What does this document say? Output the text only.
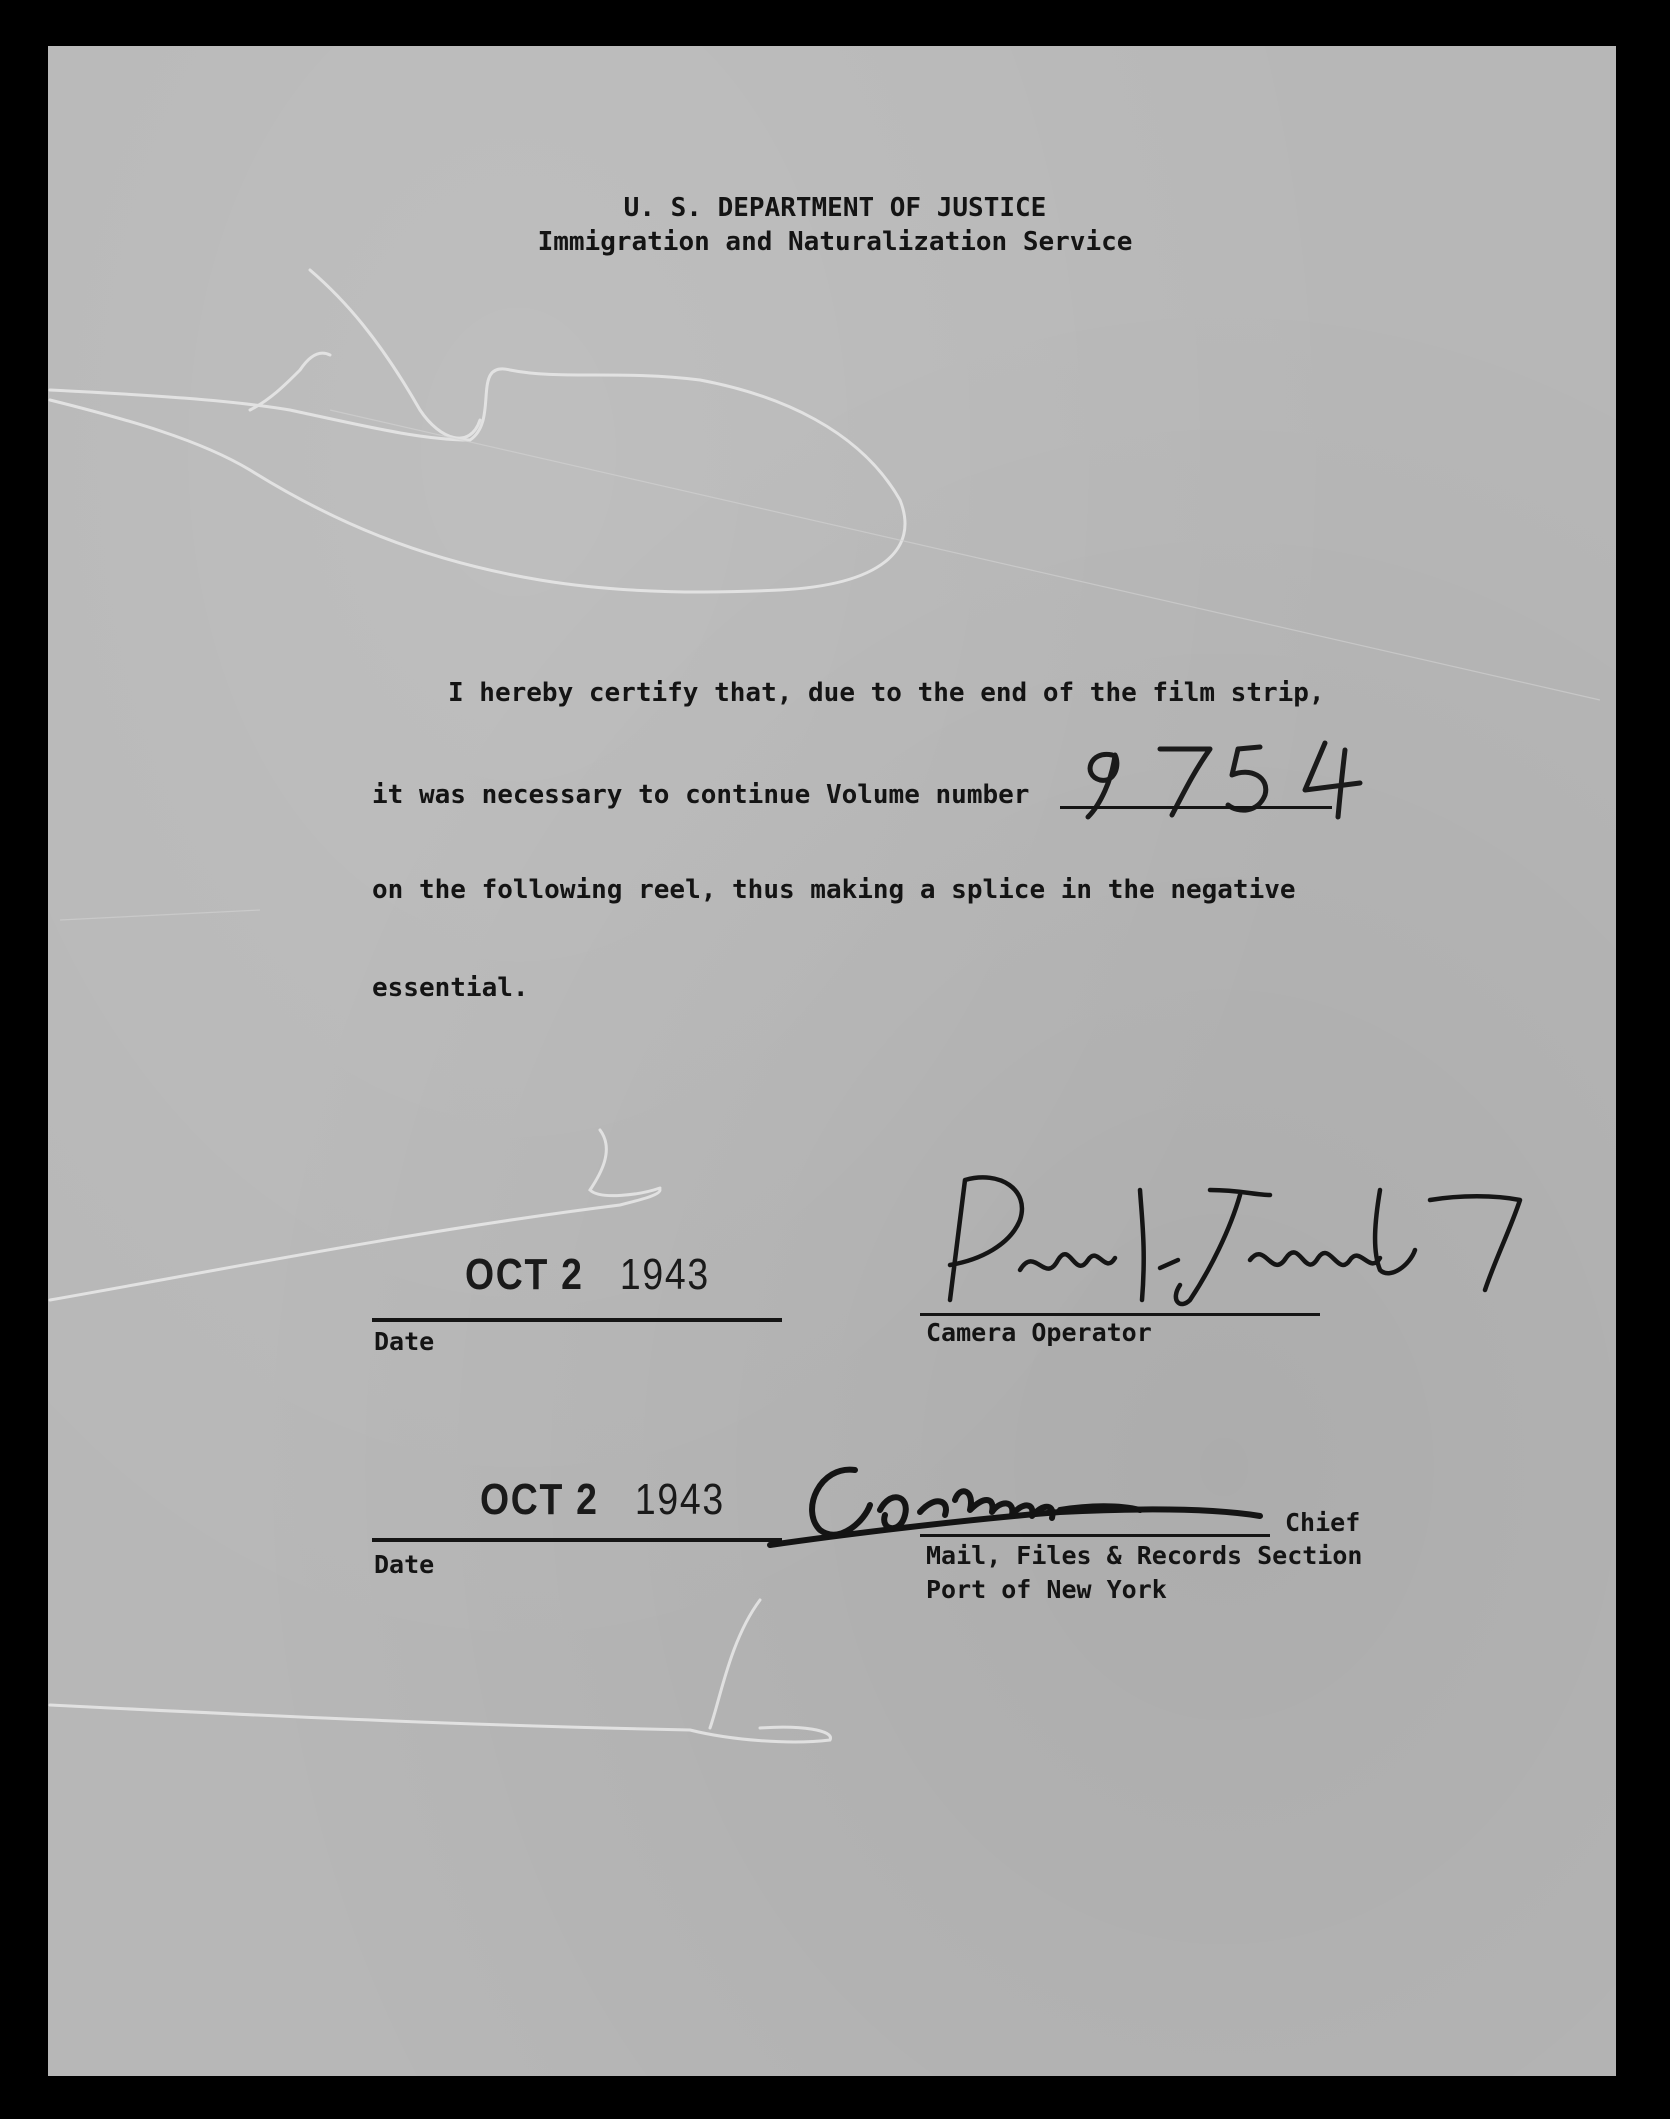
U. S. DEPARTMENT OF JUSTICE
Immigration and Naturalization Service
I hereby certify that, due to the end of the film strip,
it was necessary to continue Volume number
on the following reel, thus making a splice in the negative
essential.
OCT 2 1943
Date	Camera Operator
OCT 2 1943
Date
Chief
Mail, Files & Records Section
Port of New York
